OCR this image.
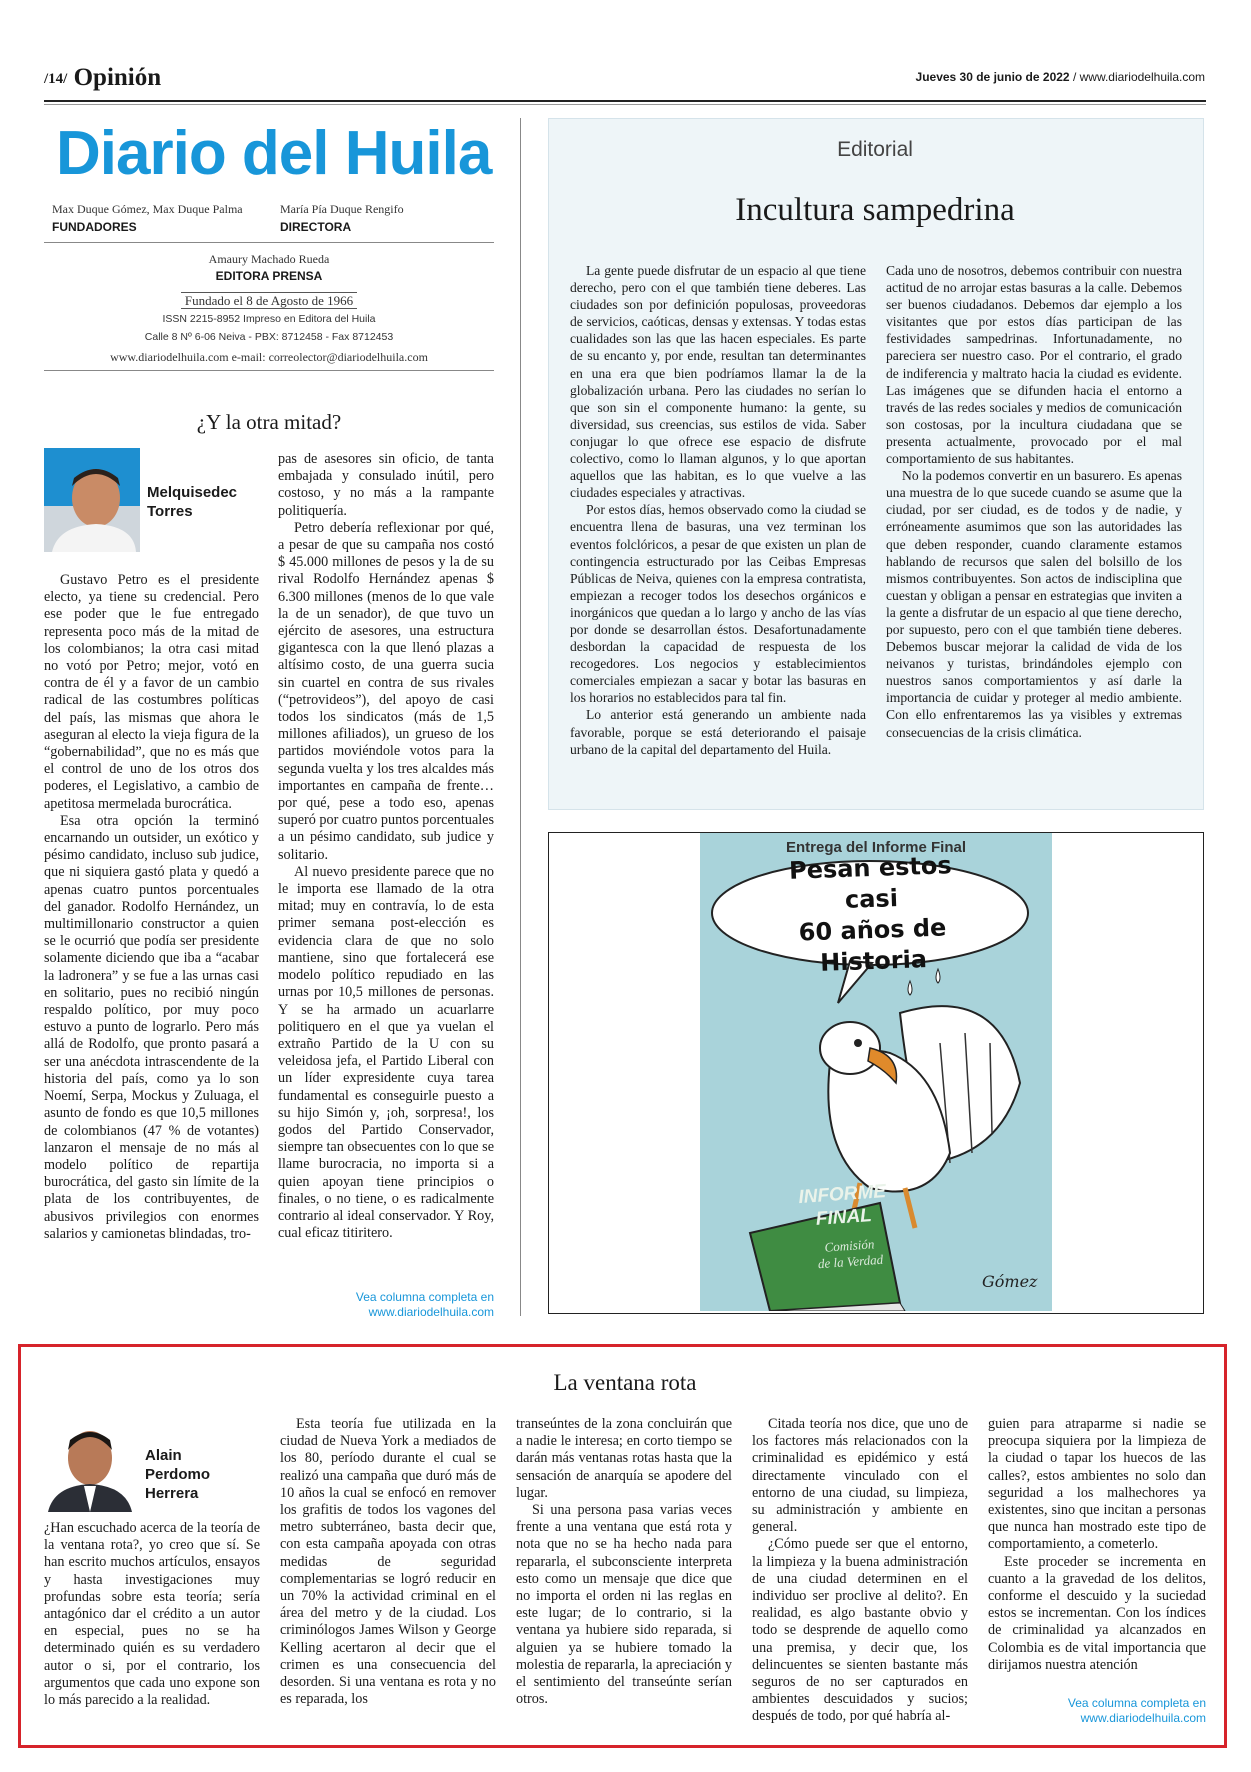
/14/ Opinión	Jueves 30 de junio de 2022 / www.diariodelhuila.com
Diario del Huila
Max Duque Gómez, Max Duque Palma
FUNDADORES
María Pía Duque Rengifo
DIRECTORA
Amaury Machado Rueda
EDITORA PRENSA
Fundado el 8 de Agosto de 1966
ISSN 2215-8952 Impreso en Editora del Huila
Calle 8 Nº 6-06 Neiva - PBX: 8712458 - Fax 8712453
www.diariodelhuila.com e-mail: correolector@diariodelhuila.com
¿Y la otra mitad?
Melquisedec
Torres

Gustavo Petro es el presidente electo, ya tiene su credencial. Pero ese poder que le fue entregado representa poco más de la mitad de los colombianos; la otra casi mitad no votó por Petro; mejor, votó en contra de él y a favor de un cambio radical de las costumbres políticas del país, las mismas que ahora le aseguran al electo la vieja figura de la “gobernabilidad”, que no es más que el control de uno de los otros dos poderes, el Legislativo, a cambio de apetitosa mermelada burocrática.

Esa otra opción la terminó encarnando un outsider, un exótico y pésimo candidato, incluso sub judice, que ni siquiera gastó plata y quedó a apenas cuatro puntos porcentuales del ganador. Rodolfo Hernández, un multimillonario constructor a quien se le ocurrió que podía ser presidente solamente diciendo que iba a “acabar la ladronera” y se fue a las urnas casi en solitario, pues no recibió ningún respaldo político, por muy poco estuvo a punto de lograrlo. Pero más allá de Rodolfo, que pronto pasará a ser una anécdota intrascendente de la historia del país, como ya lo son Noemí, Serpa, Mockus y Zuluaga, el asunto de fondo es que 10,5 millones de colombianos (47 % de votantes) lanzaron el mensaje de no más al modelo político de repartija burocrática, del gasto sin límite de la plata de los contribuyentes, de abusivos privilegios con enormes salarios y camionetas blindadas, tro-

pas de asesores sin oficio, de tanta embajada y consulado inútil, pero costoso, y no más a la rampante politiquería.

Petro debería reflexionar por qué, a pesar de que su campaña nos costó $ 45.000 millones de pesos y la de su rival Rodolfo Hernández apenas $ 6.300 millones (menos de lo que vale la de un senador), de que tuvo un ejército de asesores, una estructura gigantesca con la que llenó plazas a altísimo costo, de una guerra sucia sin cuartel en contra de sus rivales (“petrovideos”), del apoyo de casi todos los sindicatos (más de 1,5 millones afiliados), un grueso de los partidos moviéndole votos para la segunda vuelta y los tres alcaldes más importantes en campaña de frente… por qué, pese a todo eso, apenas superó por cuatro puntos porcentuales a un pésimo candidato, sub judice y solitario.

Al nuevo presidente parece que no le importa ese llamado de la otra mitad; muy en contravía, lo de esta primer semana post-elección es evidencia clara de que no solo mantiene, sino que fortalecerá ese modelo político repudiado en las urnas por 10,5 millones de personas. Y se ha armado un acuarlarre politiquero en el que ya vuelan el extraño Partido de la U con su veleidosa jefa, el Partido Liberal con un líder expresidente cuya tarea fundamental es conseguirle puesto a su hijo Simón y, ¡oh, sorpresa!, los godos del Partido Conservador, siempre tan obsecuentes con lo que se llame burocracia, no importa si a quien apoyan tiene principios o finales, o no tiene, o es radicalmente contrario al ideal conservador. Y Roy, cual eficaz titiritero.

Vea columna completa en
www.diariodelhuila.com
Editorial
Incultura sampedrina

La gente puede disfrutar de un espacio al que tiene derecho, pero con el que también tiene deberes. Las ciudades son por definición populosas, proveedoras de servicios, caóticas, densas y extensas. Y todas estas cualidades son las que las hacen especiales. Es parte de su encanto y, por ende, resultan tan determinantes en una era que bien podríamos llamar la de la globalización urbana. Pero las ciudades no serían lo que son sin el componente humano: la gente, su diversidad, sus creencias, sus estilos de vida. Saber conjugar lo que ofrece ese espacio de disfrute colectivo, como lo llaman algunos, y lo que aportan aquellos que las habitan, es lo que vuelve a las ciudades especiales y atractivas.

Por estos días, hemos observado como la ciudad se encuentra llena de basuras, una vez terminan los eventos folclóricos, a pesar de que existen un plan de contingencia estructurado por las Ceibas Empresas Públicas de Neiva, quienes con la empresa contratista, empiezan a recoger todos los desechos orgánicos e inorgánicos que quedan a lo largo y ancho de las vías por donde se desarrollan éstos. Desafortunadamente desbordan la capacidad de respuesta de los recogedores. Los negocios y establecimientos comerciales empiezan a sacar y botar las basuras en los horarios no establecidos para tal fin.

Lo anterior está generando un ambiente nada favorable, porque se está deteriorando el paisaje urbano de la capital del departamento del Huila.

Cada uno de nosotros, debemos contribuir con nuestra actitud de no arrojar estas basuras a la calle. Debemos ser buenos ciudadanos. Debemos dar ejemplo a los visitantes que por estos días participan de las festividades sampedrinas. Infortunadamente, no pareciera ser nuestro caso. Por el contrario, el grado de indiferencia y maltrato hacia la ciudad es evidente. Las imágenes que se difunden hacia el entorno a través de las redes sociales y medios de comunicación son costosas, por la incultura ciudadana que se presenta actualmente, provocado por el mal comportamiento de sus habitantes.

No la podemos convertir en un basurero. Es apenas una muestra de lo que sucede cuando se asume que la ciudad, por ser ciudad, es de todos y de nadie, y erróneamente asumimos que son las autoridades las que deben responder, cuando claramente estamos hablando de recursos que salen del bolsillo de los mismos contribuyentes. Son actos de indisciplina que cuestan y obligan a pensar en estrategias que inviten a la gente a disfrutar de un espacio al que tiene derecho, por supuesto, pero con el que también tiene deberes. Debemos buscar mejorar la calidad de vida de los neivanos y turistas, brindándoles ejemplo con nuestros sanos comportamientos y así darle la importancia de cuidar y proteger al medio ambiente. Con ello enfrentaremos las ya visibles y extremas consecuencias de la crisis climática.

Entrega del Informe Final
Pesan estos casi
60 años de Historia
INFORME
FINAL
Comisión
de la Verdad
Gómez
La ventana rota
Alain
Perdomo
Herrera

¿Han escuchado acerca de la teoría de la ventana rota?, yo creo que sí. Se han escrito muchos artículos, ensayos y hasta investigaciones muy profundas sobre esta teoría; sería antagónico dar el crédito a un autor en especial, pues no se ha determinado quién es su verdadero autor o si, por el contrario, los argumentos que cada uno expone son lo más parecido a la realidad.

Esta teoría fue utilizada en la ciudad de Nueva York a mediados de los 80, período durante el cual se realizó una campaña que duró más de 10 años la cual se enfocó en remover los grafitis de todos los vagones del metro subterráneo, basta decir que, con esta campaña apoyada con otras medidas de seguridad complementarias se logró reducir en un 70% la actividad criminal en el área del metro y de la ciudad. Los criminólogos James Wilson y George Kelling acertaron al decir que el crimen es una consecuencia del desorden. Si una ventana es rota y no es reparada, los

transeúntes de la zona concluirán que a nadie le interesa; en corto tiempo se darán más ventanas rotas hasta que la sensación de anarquía se apodere del lugar.

Si una persona pasa varias veces frente a una ventana que está rota y nota que no se ha hecho nada para repararla, el subconsciente interpreta esto como un mensaje que dice que no importa el orden ni las reglas en este lugar; de lo contrario, si la ventana ya hubiere sido reparada, si alguien ya se hubiere tomado la molestia de repararla, la apreciación y el sentimiento del transeúnte serían otros.

Citada teoría nos dice, que uno de los factores más relacionados con la criminalidad es epidémico y está directamente vinculado con el entorno de una ciudad, su limpieza, su administración y ambiente en general.

¿Cómo puede ser que el entorno, la limpieza y la buena administración de una ciudad determinen en el individuo ser proclive al delito?. En realidad, es algo bastante obvio y todo se desprende de aquello como una premisa, y decir que, los delincuentes se sienten bastante más seguros de no ser capturados en ambientes descuidados y sucios; después de todo, por qué habría al-

guien para atraparme si nadie se preocupa siquiera por la limpieza de la ciudad o tapar los huecos de las calles?, estos ambientes no solo dan seguridad a los malhechores ya existentes, sino que incitan a personas que nunca han mostrado este tipo de comportamiento, a cometerlo.

Este proceder se incrementa en cuanto a la gravedad de los delitos, conforme el descuido y la suciedad estos se incrementan. Con los índices de criminalidad ya alcanzados en Colombia es de vital importancia que dirijamos nuestra atención

Vea columna completa en
www.diariodelhuila.com
